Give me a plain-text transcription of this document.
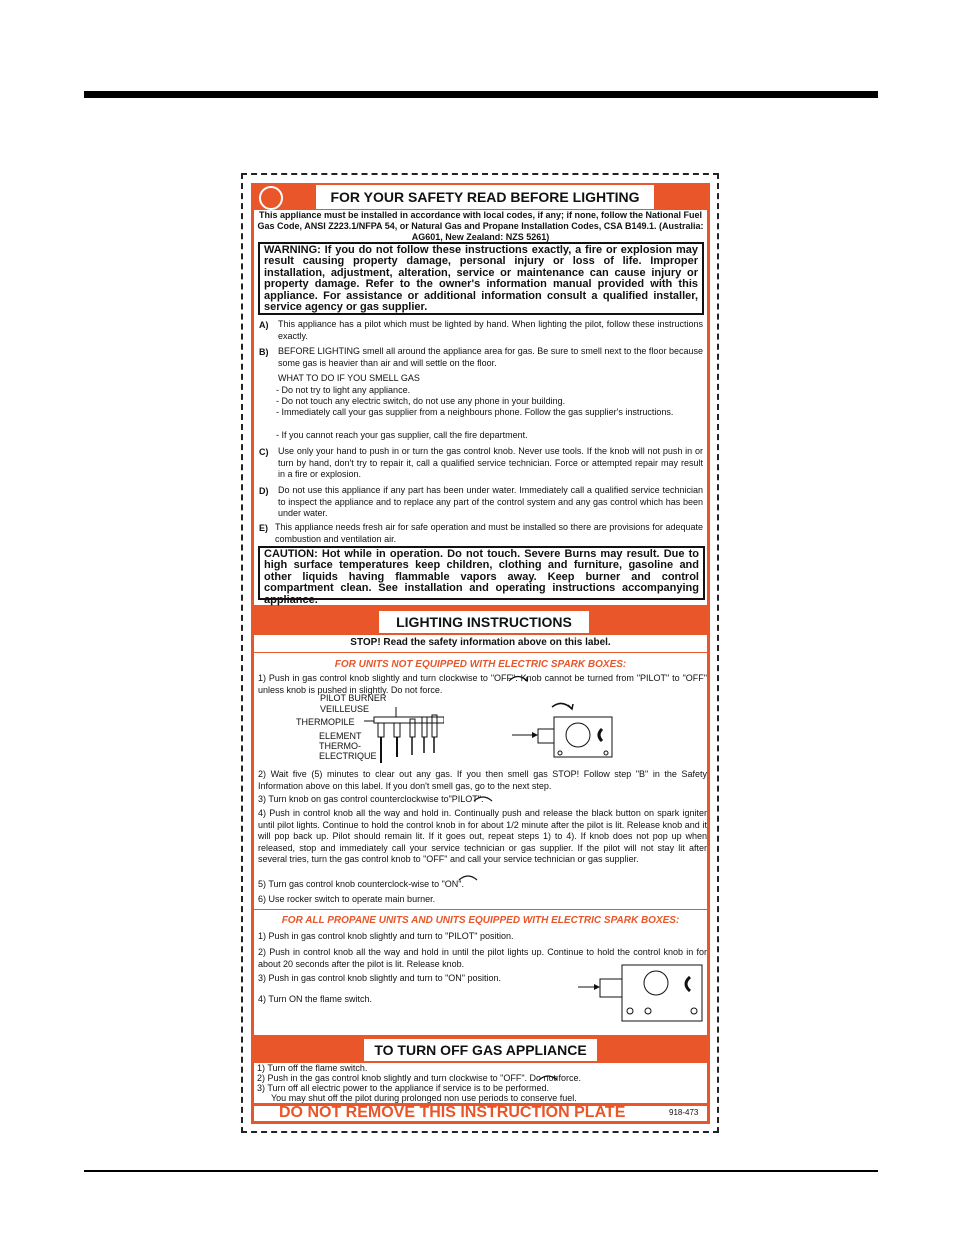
FOR YOUR SAFETY READ BEFORE LIGHTING
This appliance must be installed in accordance with local codes, if any; if none, follow the National Fuel Gas Code, ANSI Z223.1/NFPA 54, or Natural Gas and Propane Installation Codes, CSA B149.1. (Australia: AG601, New Zealand: NZS 5261)
WARNING: If you do not follow these instructions exactly, a fire or explosion may result causing property damage, personal injury or loss of life. Improper installation, adjustment, alteration, service or maintenance can cause injury or property damage. Refer to the owner's information manual provided with this appliance. For assistance or additional information consult a qualified installer, service agency or gas supplier.
A) This appliance has a pilot which must be lighted by hand. When lighting the pilot, follow these instructions exactly.
B) BEFORE LIGHTING smell all around the appliance area for gas. Be sure to smell next to the floor because some gas is heavier than air and will settle on the floor.
WHAT TO DO IF YOU SMELL GAS
- Do not try to light any appliance.
- Do not touch any electric switch, do not use any phone in your building.
- Immediately call your gas supplier from a neighbours phone. Follow the gas supplier's instructions.
- If you cannot reach your gas supplier, call the fire department.
C) Use only your hand to push in or turn the gas control knob. Never use tools. If the knob will not push in or turn by hand, don't try to repair it, call a qualified service technician. Force or attempted repair may result in a fire or explosion.
D) Do not use this appliance if any part has been under water. Immediately call a qualified service technician to inspect the appliance and to replace any part of the control system and any gas control which has been under water.
E) This appliance needs fresh air for safe operation and must be installed so there are provisions for adequate combustion and ventilation air.
CAUTION: Hot while in operation. Do not touch. Severe Burns may result. Due to high surface temperatures keep children, clothing and furniture, gasoline and other liquids having flammable vapors away. Keep burner and control compartment clean. See installation and operating instructions accompanying appliance.
LIGHTING INSTRUCTIONS
STOP! Read the safety information above on this label.
FOR UNITS NOT EQUIPPED WITH ELECTRIC SPARK BOXES:
1) Push in gas control knob slightly and turn clockwise to "OFF". Knob cannot be turned from "PILOT" to "OFF" unless knob is pushed in slightly. Do not force.
PILOT BURNER
VEILLEUSE
THERMOPILE
ELEMENT
THERMO-
ELECTRIQUE
2) Wait five (5) minutes to clear out any gas. If you then smell gas STOP! Follow step "B" in the Safety Information above on this label. If you don't smell gas, go to the next step.
3) Turn knob on gas control counterclockwise to"PILOT".
4) Push in control knob all the way and hold in. Continually push and release the black button on spark igniter until pilot lights. Continue to hold the control knob in for about 1/2 minute after the pilot is lit. Release knob and it will pop back up. Pilot should remain lit. If it goes out, repeat steps 1) to 4). If knob does not pop up when released, stop and immediately call your service technician or gas supplier. If the pilot will not stay lit after several tries, turn the gas control knob to "OFF" and call your service technician or gas supplier.
5) Turn gas control knob counterclock-wise to "ON".
6) Use rocker switch to operate main burner.
FOR ALL PROPANE UNITS AND UNITS EQUIPPED WITH ELECTRIC SPARK BOXES:
1) Push in gas control knob slightly and turn to "PILOT" position.
2) Push in control knob all the way and hold in until the pilot lights up. Continue to hold the control knob in for about 20 seconds after the pilot is lit. Release knob.
3) Push in gas control knob slightly and turn to "ON" position.
4) Turn ON the flame switch.
TO TURN OFF GAS APPLIANCE
1) Turn off the flame switch.
2) Push in the gas control knob slightly and turn clockwise to "OFF". Do not force.
3) Turn off all electric power to the appliance if service is to be performed.
You may shut off the pilot during prolonged non use periods to conserve fuel.
DO NOT REMOVE THIS INSTRUCTION PLATE	918-473
